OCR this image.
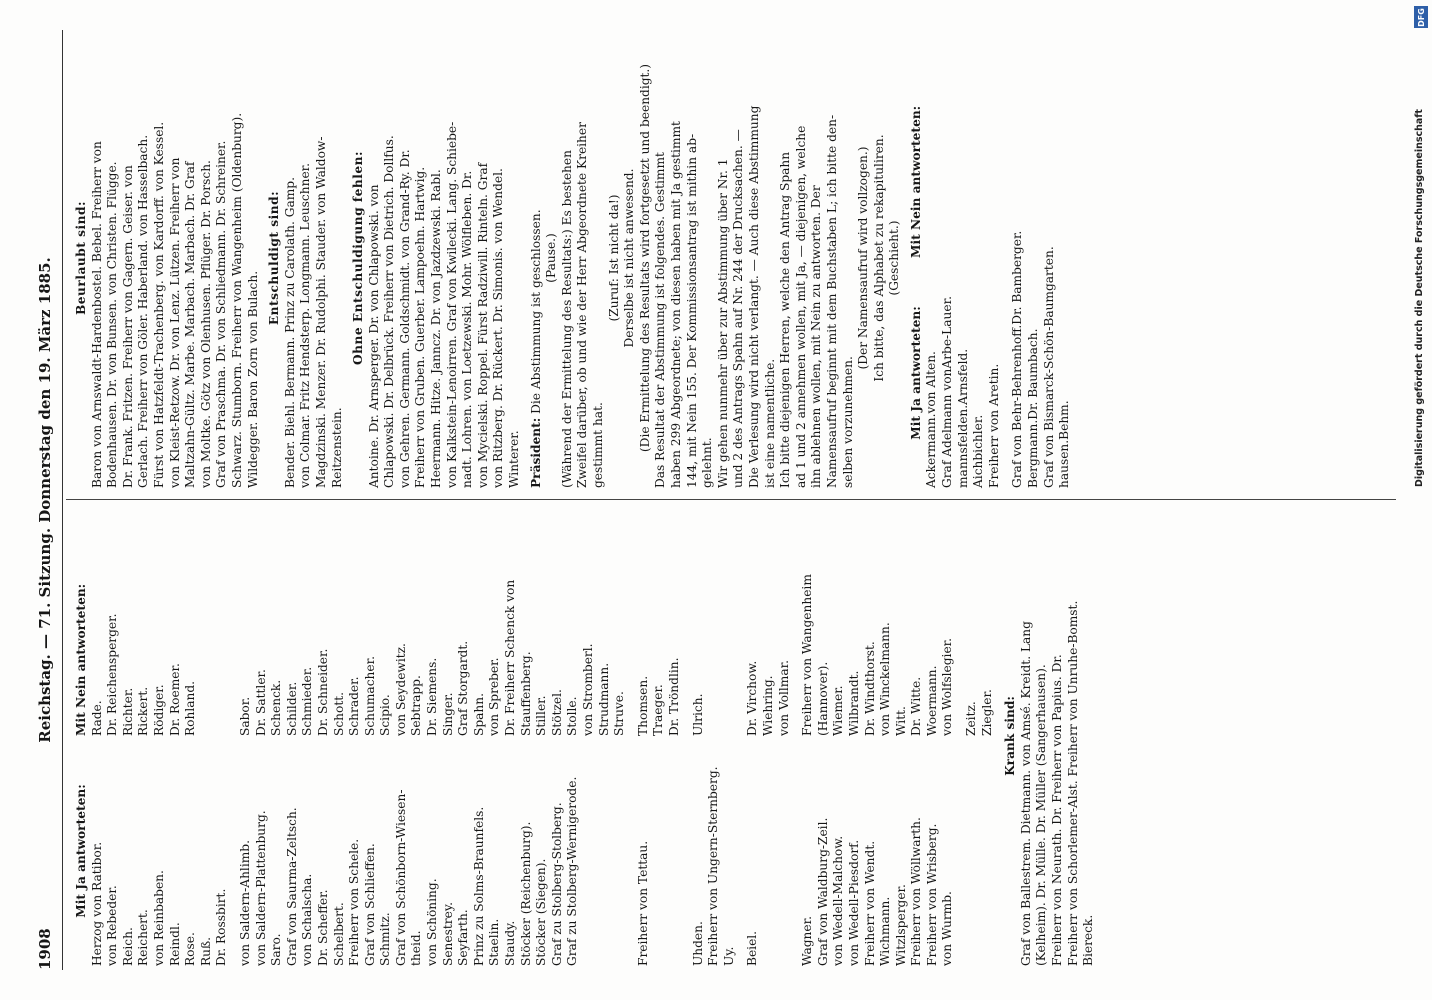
1908
Reichstag. — 71. Sitzung. Donnerstag den 19. März 1885.
Mit Ja antworteten:Mit Nein antworteten:
Herzog von Ratibor.Rade.
von Rebeder.Dr. Reichensperger.
Reich.Richter.
Reichert.Rickert.
von Reinbaben.Rödiger.
Reindl.Dr. Roemer.
Rose.Rohland.
Ruß. Dr. Rossbirt. von Saldern-Ahlimb.Sabor.
von Saldern-Plattenburg.Dr. Sattler.
Saro.Schenck.
Graf von Saurma-Zeltsch.Schilder.
von Schalscha.Schmieder.
Dr. Scheffer.Dr. Schneider.
Schelbert.Schott.
Freiherr von Schele.Schrader.
Graf von Schlieffen.Schumacher.
Schmitz.Scipio.
Graf von Schönborn-Wiesen-von Seydewitz.
theid.Sebtrapp.
von Schöning.Dr. Siemens.
Senestrey.Singer.
Seyfarth.Graf Storgardt.
Prinz zu Solms-Braunfels.Spahn.
Staelin.von Spreber.
Staudy.Dr. Freiherr Schenck von
Stöcker (Reichenburg).Stauffenberg.
Stöcker (Siegen).Stiller.
Graf zu Stolberg-Stolberg.Stötzel.
Graf zu Stolberg-Wernigerode.Stolle. von Stromberl. Strudmann. Struve.
Freiherr von Tettau.Thomsen. Traeger. Dr. Tröndlin.
Uhden.Ulrich.
Freiherr von Ungern-Sternberg. Uy. Beiel.Dr. Virchow. Wiehring. von Vollmar.
Wagner.Freiherr von Wangenheim
Graf von Waldburg-Zeil.(Hannover).
von Wedell-Malchow.Wiemer.
von Wedell-Piesdorf.Wilbrandt.
Freiherr von Wendt.Dr. Windthorst.
Wichmann.von Winckelmann.
Witzlsperger.Witt.
Freiherr von Wöllwarth.Dr. Witte.
Freiherr von Wrisberg.Woermann.
von Wurmb.von Wolfslegier. Zeitz. Ziegler. Krank sind: Graf von Ballestrem. Dietmann. von Amsé. Kreidt. Lang (Kelheim). Dr. Mülle. Dr. Müller (Sangerhausen). Freiherr von Neurath. Dr. Freiherr von Papius. Dr. Freiherr von Schorlemer-Alst. Freiherr von Unruhe-Bomst. Biereck.
Beurlaubt sind: Baron von Arnswaldt-Hardenbostel. Bebel. Freiherr von Bodenhausen. Dr. von Bunsen. von Christen. Flügge. Dr. Frank. Fritzen. Freiherr von Gagern. Geiser. von Gerlach. Freiherr von Göler. Haberland. von Hasselbach. Fürst von Hatzfeldt-Trachenberg. von Kardorff. von Kessel. von Kleist-Retzow. Dr. von Lenz. Lützen. Freiherr von Maltzahn-Gültz. Marbe. Marbach. Marbach. Dr. Graf von Moltke. Götz von Olenhusen. Pflüger. Dr. Porsch. Graf von Praschma. Dr. von Schliedmann. Dr. Schreiner. Schwarz. Stumborn. Freiherr von Wangenheim (Oldenburg). Wildegger. Baron Zorn von Bulach.
Entschuldigt sind: Bender. Biehl. Bermann. Prinz zu Carolath. Gamp. von Colmar. Fritz Hendsterp. Longmann. Leuschner. Magdzinski. Menzer. Dr. Rudolphi. Stauder. von Waldow- Reitzenstein.
Ohne Entschuldigung fehlen: Antoine. Dr. Arnsperger. Dr. von Chlapowski. von Chlapowski. Dr. Delbrück. Freiherr von Dietrich. Dollfus. von Gehren. Germann. Goldschmidt. von Grand-Ry. Dr. Freiherr von Gruben. Guerber. Lampoehn. Hartwig. Heermann. Hitze. Janncz. Dr. von Jazdzewski. Rabl. von Kalkstein-Lenoirren. Graf von Kwilecki. Lang. Schiebe- nadt. Lohren. von Loetzewski. Mohr. Wölfleben. Dr. von Mycielski. Roppel. Fürst Radziwill. Rinteln. Graf von Ritzberg. Dr. Rückert. Dr. Simonis. von Wendel. Winterer. Präsident: Die Abstimmung ist geschlossen. (Pause.) (Während der Ermittelung des Resultats:) Es bestehen Zweifel darüber, ob und wie der Herr Abgeordnete Kreiher gestimmt hat.
(Zuruf: Ist nicht da!) Derselbe ist nicht anwesend. (Die Ermittelung des Resultats wird fortgesetzt und beendigt.) Das Resultat der Abstimmung ist folgendes. Gestimmt haben 299 Abgeordnete; von diesen haben mit Ja gestimmt 144, mit Nein 155. Der Kommissionsantrag ist mithin ab- gelehnt. Wir gehen nunmehr über zur Abstimmung über Nr. 1 und 2 des Antrags Spahn auf Nr. 244 der Drucksachen. — Die Verlesung wird nicht verlangt. — Auch diese Abstimmung ist eine namentliche. Ich bitte diejenigen Herren, welche den Antrag Spahn ad 1 und 2 annehmen wollen, mit Ja, — diejenigen, welche ihn ablehnen wollen, mit Nein zu antworten. Der Namensaufruf beginnt mit dem Buchstaben L; ich bitte den- selben vorzunehmen.
(Der Namensaufruf wird vollzogen.) Ich bitte, das Alphabet zu rekapituliren. (Geschieht.)
Mit Ja antworteten:Mit Nein antworteten:
Ackermann.von Alten. Graf Adelmann vonArbe-Lauer.
mannsfelden.Arnsfeld.
Aichbichler. Freiherr von Aretin. Graf von Behr-Behrenhoff.Dr. Bamberger.
Bergmann.Dr. Baumbach. Graf von Bismarck-Schön-Baumgarten.
hausen.Behm.
DFG
Digitalisierung gefördert durch die Deutsche Forschungsgemeinschaft
